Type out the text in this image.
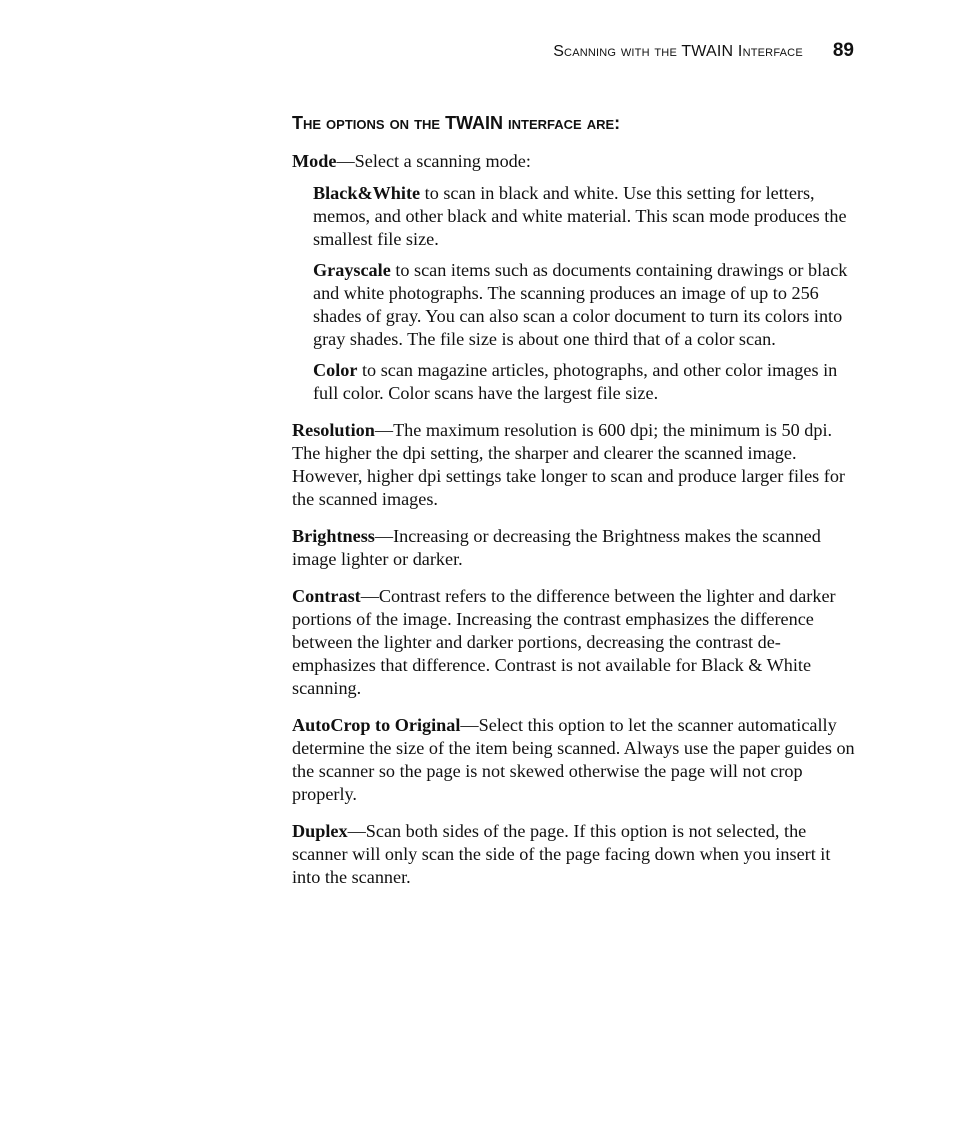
Scanning with the TWAIN Interface 89
The options on the TWAIN interface are:

Mode—Select a scanning mode:

Black&White to scan in black and white. Use this setting for letters, memos, and other black and white material. This scan mode produces the smallest file size.

Grayscale to scan items such as documents containing drawings or black and white photographs. The scanning produces an image of up to 256 shades of gray. You can also scan a color document to turn its colors into gray shades. The file size is about one third that of a color scan.

Color to scan magazine articles, photographs, and other color images in full color. Color scans have the largest file size.

Resolution—The maximum resolution is 600 dpi; the minimum is 50 dpi. The higher the dpi setting, the sharper and clearer the scanned image. However, higher dpi settings take longer to scan and produce larger files for the scanned images.

Brightness—Increasing or decreasing the Brightness makes the scanned image lighter or darker.

Contrast—Contrast refers to the difference between the lighter and darker portions of the image. Increasing the contrast emphasizes the difference between the lighter and darker portions, decreasing the contrast de-emphasizes that difference. Contrast is not available for Black & White scanning.

AutoCrop to Original—Select this option to let the scanner automatically determine the size of the item being scanned. Always use the paper guides on the scanner so the page is not skewed otherwise the page will not crop properly.

Duplex—Scan both sides of the page. If this option is not selected, the scanner will only scan the side of the page facing down when you insert it into the scanner.
